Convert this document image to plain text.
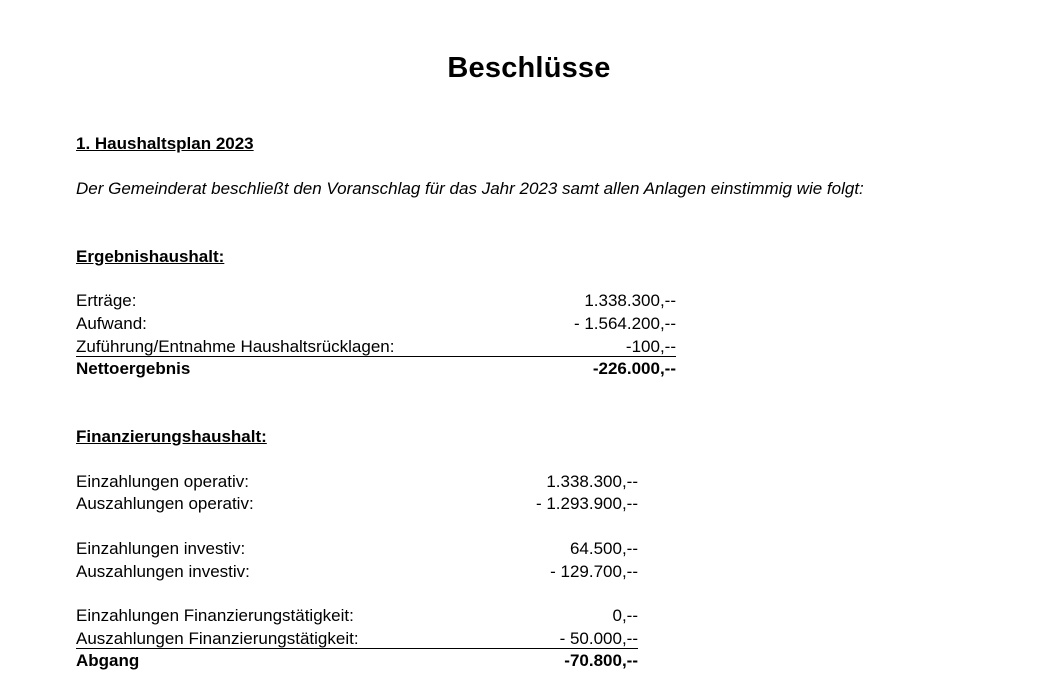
Beschlüsse
1. Haushaltsplan 2023
Der Gemeinderat beschließt den Voranschlag für das Jahr 2023 samt allen Anlagen einstimmig wie folgt:
Ergebnishaushalt:
Erträge:	1.338.300,--
Aufwand:	- 1.564.200,--
Zuführung/Entnahme Haushaltsrücklagen:	-100,--
Nettoergebnis	-226.000,--
Finanzierungshaushalt:
Einzahlungen operativ:	1.338.300,--
Auszahlungen operativ:	- 1.293.900,--
Einzahlungen investiv:	64.500,--
Auszahlungen investiv:	- 129.700,--
Einzahlungen Finanzierungstätigkeit:	0,--
Auszahlungen Finanzierungstätigkeit:	- 50.000,--
Abgang	-70.800,--
